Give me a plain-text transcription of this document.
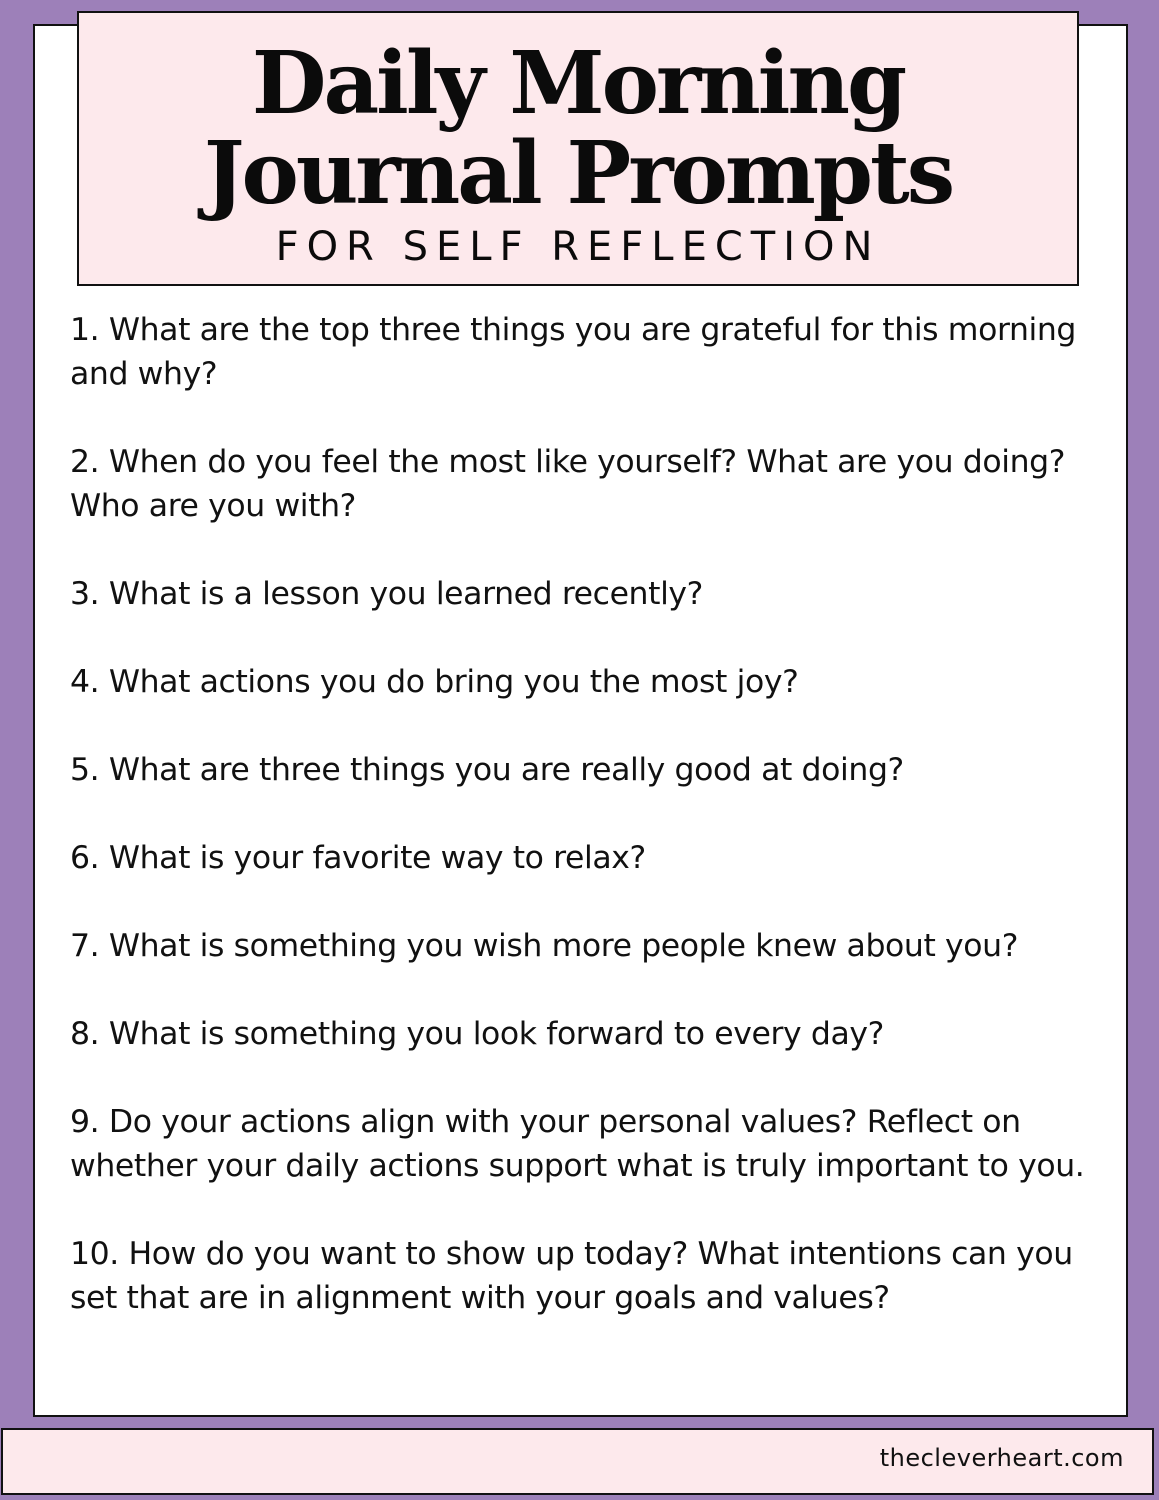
Daily Morning
Journal Prompts
FOR SELF REFLECTION
1. What are the top three things you are grateful for this morning and why?
2. When do you feel the most like yourself? What are you doing? Who are you with?
3. What is a lesson you learned recently?
4. What actions you do bring you the most joy?
5. What are three things you are really good at doing?
6. What is your favorite way to relax?
7. What is something you wish more people knew about you?
8. What is something you look forward to every day?
9. Do your actions align with your personal values? Reflect on whether your daily actions support what is truly important to you.
10. How do you want to show up today? What intentions can you set that are in alignment with your goals and values?
thecleverheart.com
